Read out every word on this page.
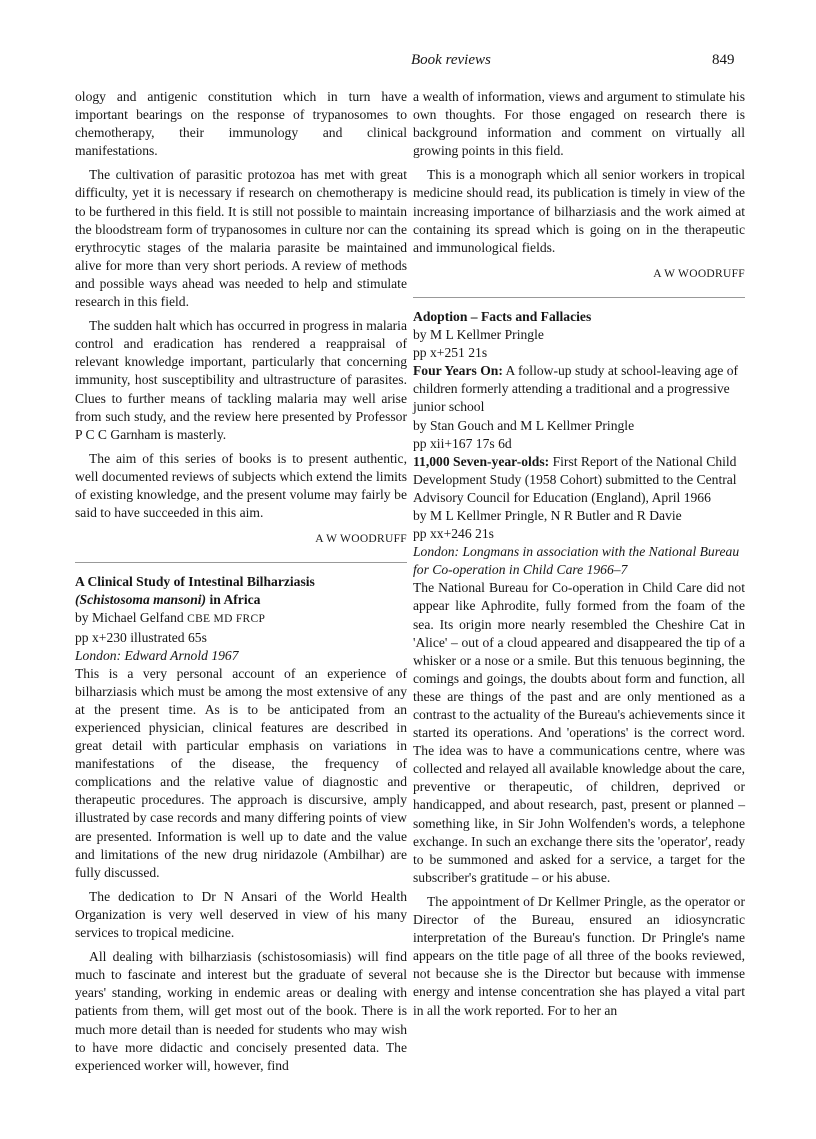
Book reviews	849

ology and antigenic constitution which in turn have important bearings on the response of trypanosomes to chemotherapy, their immunology and clinical manifestations.

The cultivation of parasitic protozoa has met with great difficulty, yet it is necessary if research on chemotherapy is to be furthered in this field. It is still not possible to maintain the bloodstream form of trypanosomes in culture nor can the erythrocytic stages of the malaria parasite be maintained alive for more than very short periods. A review of methods and possible ways ahead was needed to help and stimulate research in this field.

The sudden halt which has occurred in progress in malaria control and eradication has rendered a reappraisal of relevant knowledge important, particularly that concerning immunity, host susceptibility and ultrastructure of parasites. Clues to further means of tackling malaria may well arise from such study, and the review here presented by Professor P C C Garnham is masterly.

The aim of this series of books is to present authentic, well documented reviews of subjects which extend the limits of existing knowledge, and the present volume may fairly be said to have succeeded in this aim.

A W WOODRUFF
A Clinical Study of Intestinal Bilharziasis
(Schistosoma mansoni) in Africa
by Michael Gelfand CBE MD FRCP
pp x+230 illustrated 65s
London: Edward Arnold 1967

This is a very personal account of an experience of bilharziasis which must be among the most extensive of any at the present time. As is to be anticipated from an experienced physician, clinical features are described in great detail with particular emphasis on variations in manifestations of the disease, the frequency of complications and the relative value of diagnostic and therapeutic procedures. The approach is discursive, amply illustrated by case records and many differing points of view are presented. Information is well up to date and the value and limitations of the new drug niridazole (Ambilhar) are fully discussed.

The dedication to Dr N Ansari of the World Health Organization is very well deserved in view of his many services to tropical medicine.

All dealing with bilharziasis (schistosomiasis) will find much to fascinate and interest but the graduate of several years' standing, working in endemic areas or dealing with patients from them, will get most out of the book. There is much more detail than is needed for students who may wish to have more didactic and concisely presented data. The experienced worker will, however, find

a wealth of information, views and argument to stimulate his own thoughts. For those engaged on research there is background information and comment on virtually all growing points in this field.

This is a monograph which all senior workers in tropical medicine should read, its publication is timely in view of the increasing importance of bilharziasis and the work aimed at containing its spread which is going on in the therapeutic and immunological fields.

A W WOODRUFF
Adoption – Facts and Fallacies
by M L Kellmer Pringle
pp x+251 21s
Four Years On: A follow-up study at school-leaving age of children formerly attending a traditional and a progressive junior school
by Stan Gouch and M L Kellmer Pringle
pp xii+167 17s 6d
11,000 Seven-year-olds: First Report of the National Child Development Study (1958 Cohort) submitted to the Central Advisory Council for Education (England), April 1966
by M L Kellmer Pringle, N R Butler and R Davie
pp xx+246 21s
London: Longmans in association with the National Bureau for Co-operation in Child Care 1966–7

The National Bureau for Co-operation in Child Care did not appear like Aphrodite, fully formed from the foam of the sea. Its origin more nearly resembled the Cheshire Cat in 'Alice' – out of a cloud appeared and disappeared the tip of a whisker or a nose or a smile. But this tenuous beginning, the comings and goings, the doubts about form and function, all these are things of the past and are only mentioned as a contrast to the actuality of the Bureau's achievements since it started its operations. And 'operations' is the correct word. The idea was to have a communications centre, where was collected and relayed all available knowledge about the care, preventive or therapeutic, of children, deprived or handicapped, and about research, past, present or planned – something like, in Sir John Wolfenden's words, a telephone exchange. In such an exchange there sits the 'operator', ready to be summoned and asked for a service, a target for the subscriber's gratitude – or his abuse.

The appointment of Dr Kellmer Pringle, as the operator or Director of the Bureau, ensured an idiosyncratic interpretation of the Bureau's function. Dr Pringle's name appears on the title page of all three of the books reviewed, not because she is the Director but because with immense energy and intense concentration she has played a vital part in all the work reported. For to her an
